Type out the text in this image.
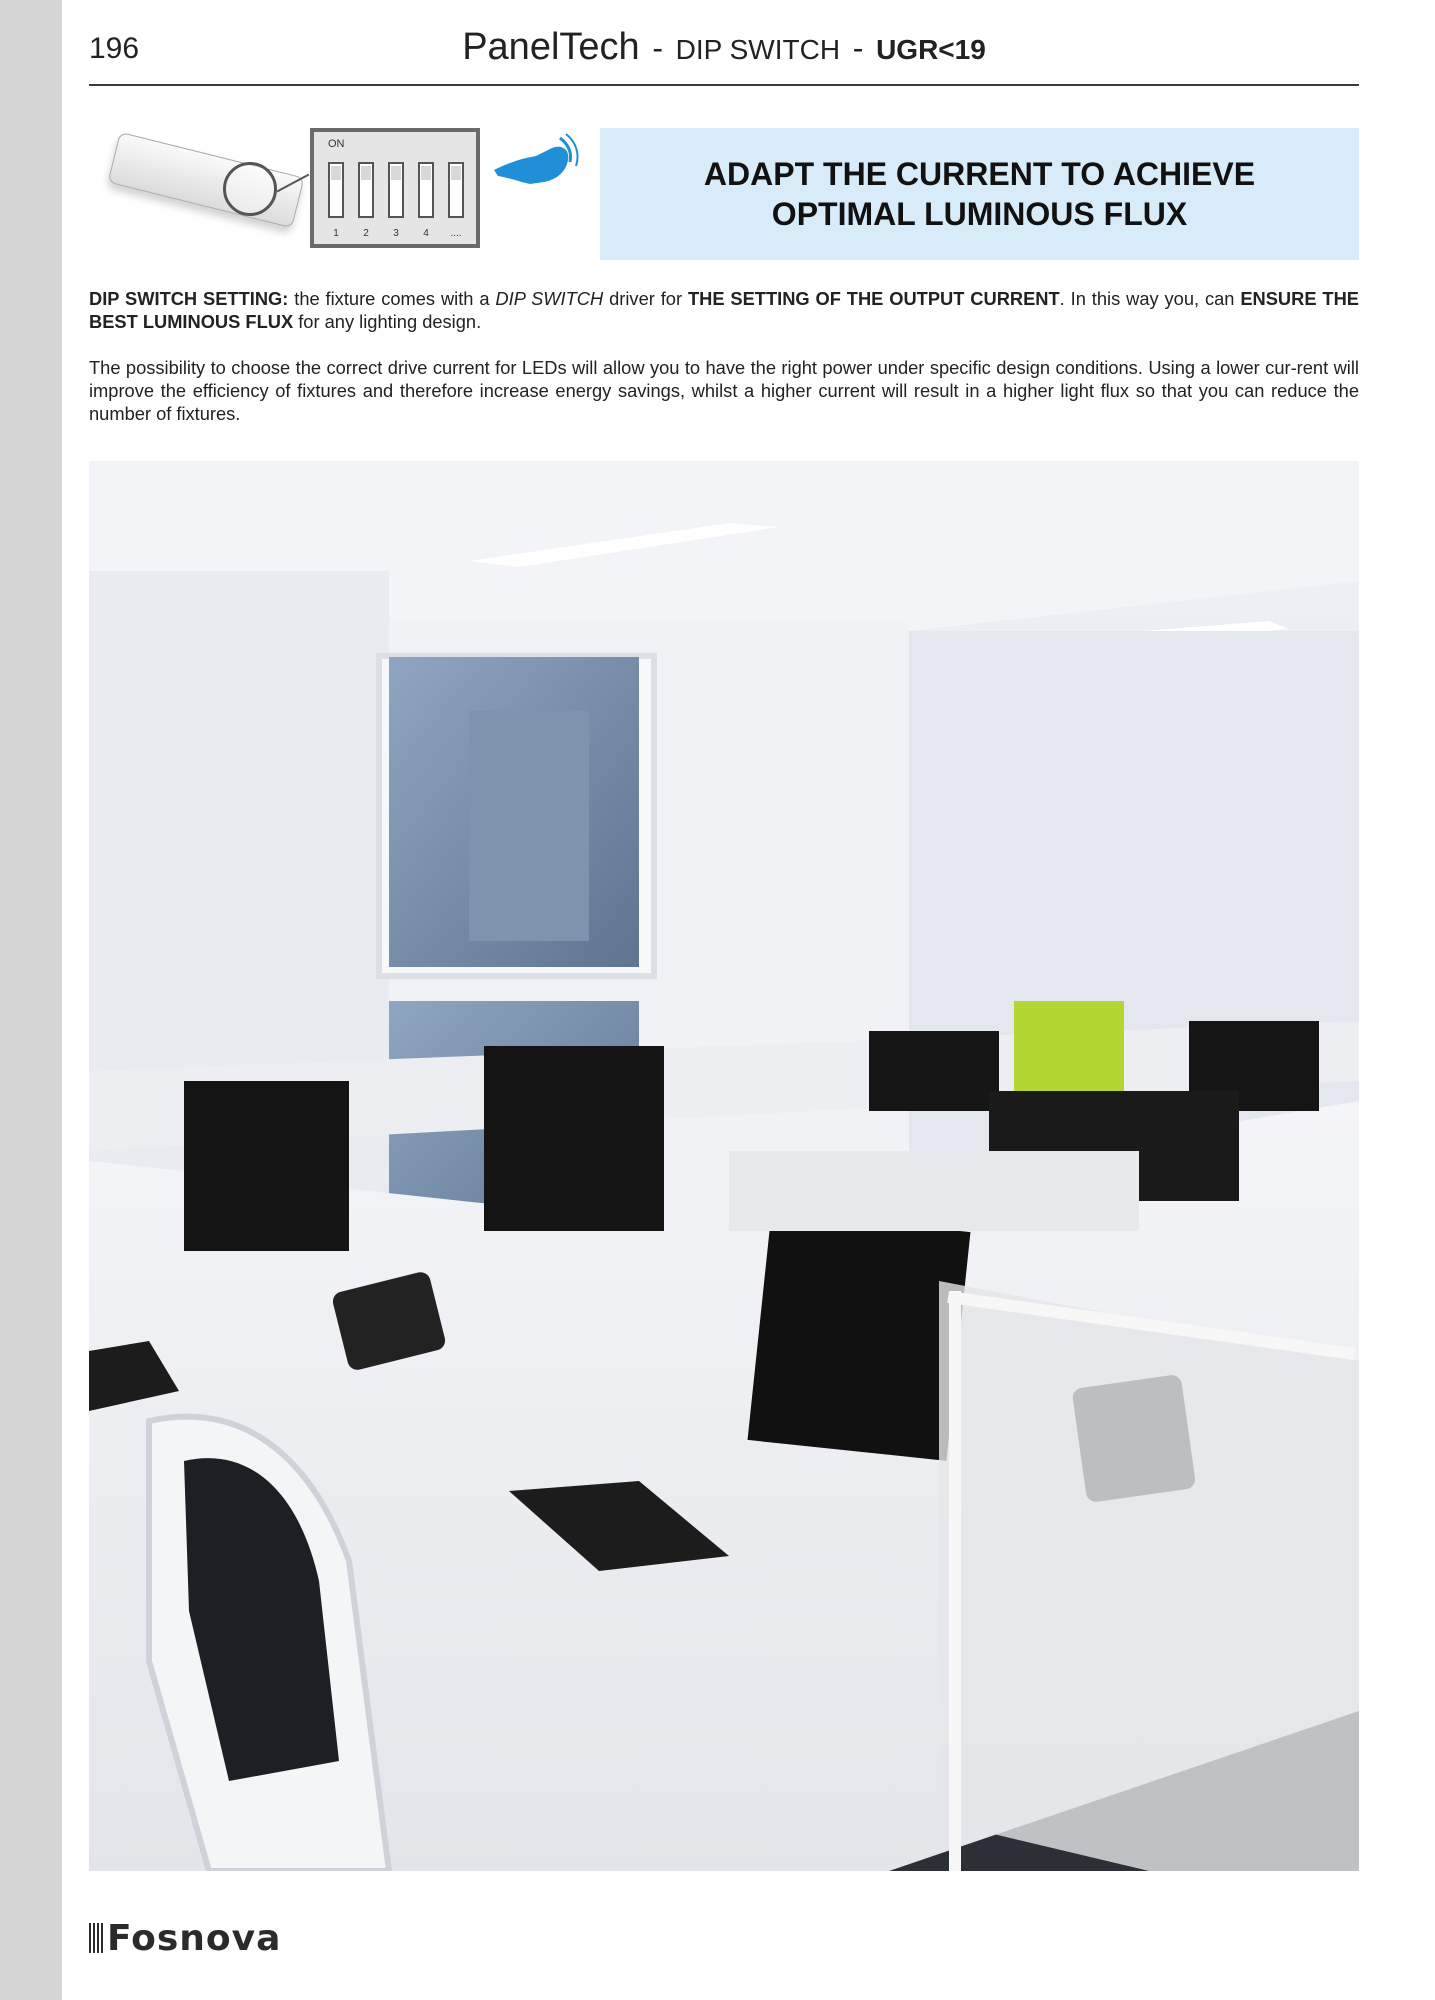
196	PanelTech - DIP SWITCH - UGR<19
ON
1	2	3	4	....
ADAPT THE CURRENT TO ACHIEVE OPTIMAL LUMINOUS FLUX

DIP SWITCH SETTING: the fixture comes with a DIP SWITCH driver for THE SETTING OF THE OUTPUT CURRENT. In this way you, can ENSURE THE BEST LUMINOUS FLUX for any lighting design.

The possibility to choose the correct drive current for LEDs will allow you to have the right power under specific design conditions. Using a lower cur-rent will improve the efficiency of fixtures and therefore increase energy savings, whilst a higher current will result in a higher light flux so that you can reduce the number of fixtures.

Fosnova
